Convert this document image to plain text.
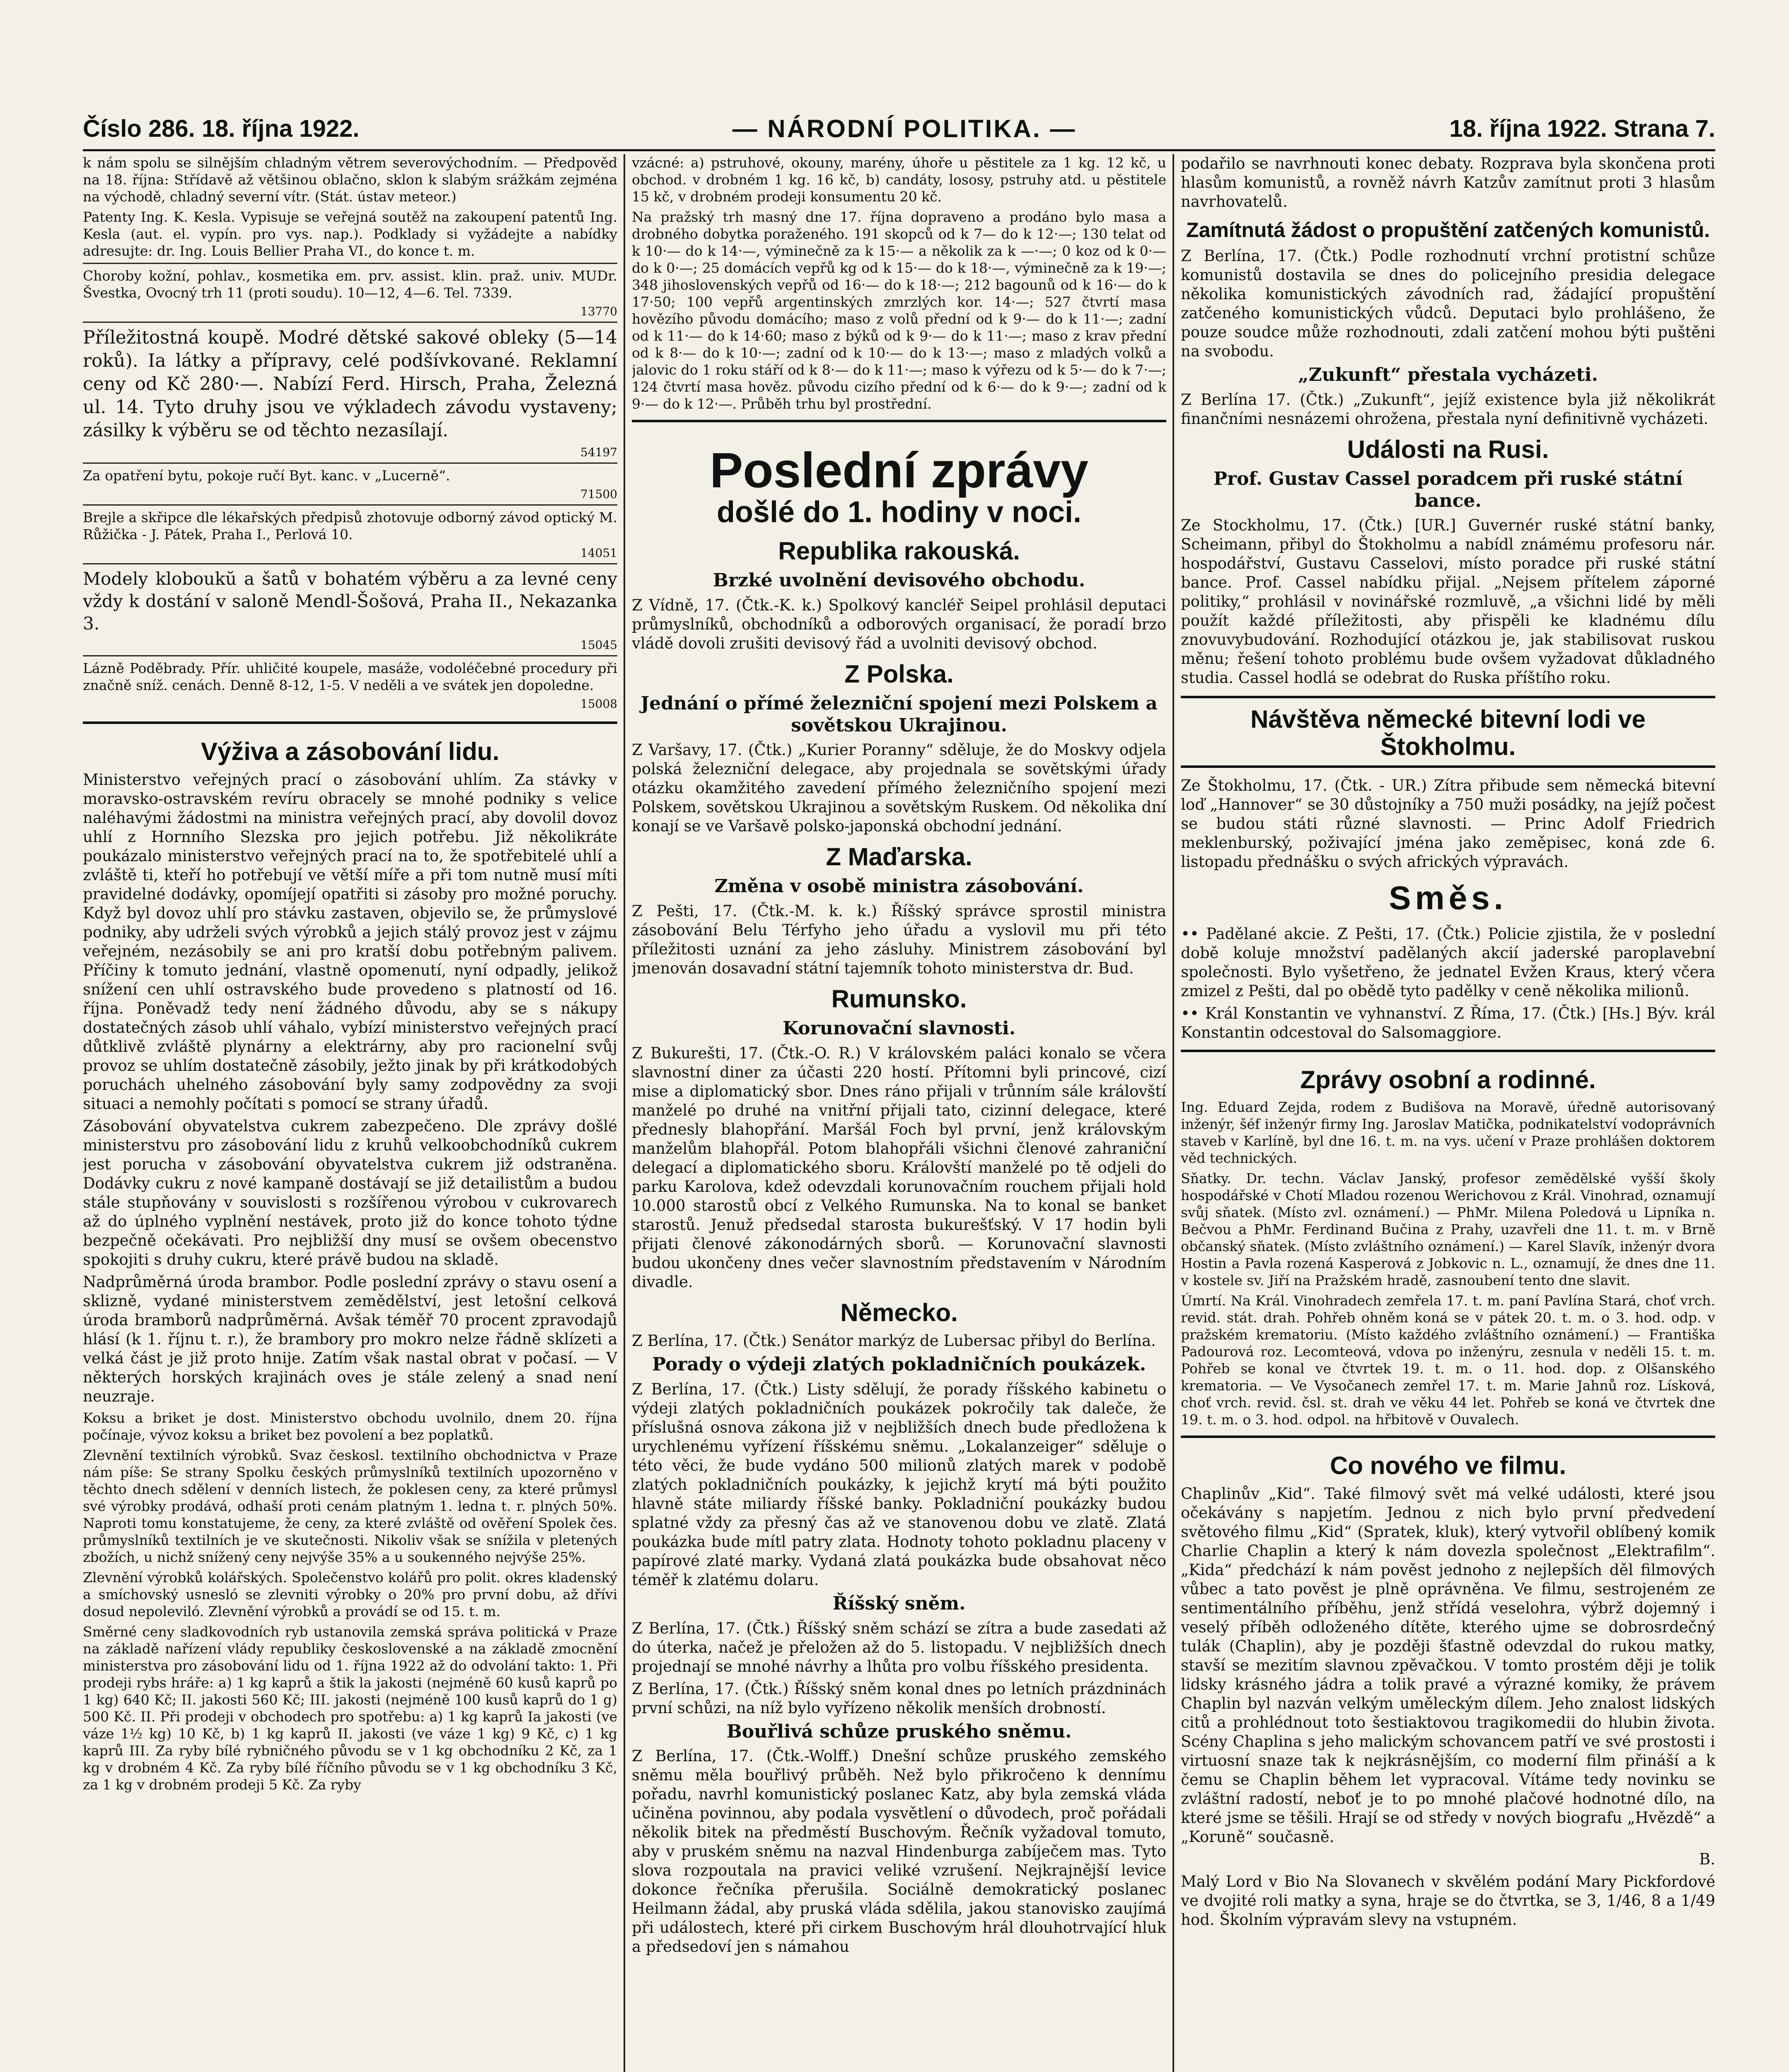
Číslo 286. 18. října 1922.	— NÁRODNÍ POLITIKA. —	18. října 1922. Strana 7.

k nám spolu se silnějším chladným větrem severovýchodním. — Předpověď na 18. října: Střídavě až většinou oblačno, sklon k slabým srážkám zejména na východě, chladný severní vítr. (Stát. ústav meteor.)

Patenty Ing. K. Kesla. Vypisuje se veřejná soutěž na zakoupení patentů Ing. Kesla (aut. el. vypín. pro vys. nap.). Podklady si vyžádejte a nabídky adresujte: dr. Ing. Louis Bellier Praha VI., do konce t. m.

Choroby kožní, pohlav., kosmetika em. prv. assist. klin. praž. univ. MUDr. Švestka, Ovocný trh 11 (proti soudu). 10—12, 4—6. Tel. 7339.

13770

Příležitostná koupě. Modré dětské sakové obleky (5—14 roků). Ia látky a přípravy, celé podšívkované. Reklamní ceny od Kč 280·—. Nabízí Ferd. Hirsch, Praha, Železná ul. 14. Tyto druhy jsou ve výkladech závodu vystaveny; zásilky k výběru se od těchto nezasílají.

54197

Za opatření bytu, pokoje ručí Byt. kanc. v „Lucerně“.

71500

Brejle a skřipce dle lékařských předpisů zhotovuje odborný závod optický M. Růžička - J. Pátek, Praha I., Perlová 10.

14051

Modely kloboukŭ a šatů v bohatém výběru a za levné ceny vždy k dostání v saloně Mendl-Šošová, Praha II., Nekazanka 3.

15045

Lázně Poděbrady. Přír. uhličité koupele, masáže, vodoléčebné procedury při značně sníž. cenách. Denně 8-12, 1-5. V neděli a ve svátek jen dopoledne.

15008
Výživa a zásobování lidu.

Ministerstvo veřejných prací o zásobování uhlím. Za stávky v moravsko-ostravském revíru obracely se mnohé podniky s velice naléhavými žádostmi na ministra veřejných prací, aby dovolil dovoz uhlí z Hornního Slezska pro jejich potřebu. Již několikráte poukázalo ministerstvo veřejných prací na to, že spotřebitelé uhlí a zvláště ti, kteří ho potřebují ve větší míře a při tom nutně musí míti pravidelné dodávky, opomíjejí opatřiti si zásoby pro možné poruchy. Když byl dovoz uhlí pro stávku zastaven, objevilo se, že průmyslové podniky, aby udrželi svých výrobků a jejich stálý provoz jest v zájmu veřejném, nezásobily se ani pro kratší dobu potřebným palivem. Příčiny k tomuto jednání, vlastně opomenutí, nyní odpadly, jelikož snížení cen uhlí ostravského bude provedeno s platností od 16. října. Poněvadž tedy není žádného důvodu, aby se s nákupy dostatečných zásob uhlí váhalo, vybízí ministerstvo veřejných prací důtklivě zvláště plynárny a elektrárny, aby pro racionelní svůj provoz se uhlím dostatečně zásobily, ježto jinak by při krátkodobých poruchách uhelného zásobování byly samy zodpovědny za svoji situaci a nemohly počítati s pomocí se strany úřadů.

Zásobování obyvatelstva cukrem zabezpečeno. Dle zprávy došlé ministerstvu pro zásobování lidu z kruhů velkoobchodníků cukrem jest porucha v zásobování obyvatelstva cukrem již odstraněna. Dodávky cukru z nové kampaně dostávají se již detailistům a budou stále stupňovány v souvislosti s rozšířenou výrobou v cukrovarech až do úplného vyplnění nestávek, proto již do konce tohoto týdne bezpečně očekávati. Pro nejbližší dny musí se ovšem obecenstvo spokojiti s druhy cukru, které právě budou na skladě.

Nadprůměrná úroda brambor. Podle poslední zprávy o stavu osení a sklizně, vydané ministerstvem zemědělství, jest letošní celková úroda bramborů nadprůměrná. Avšak téměř 70 procent zpravodajů hlásí (k 1. říjnu t. r.), že brambory pro mokro nelze řádně sklízeti a velká část je již proto hnije. Zatím však nastal obrat v počasí. — V některých horských krajinách oves je stále zelený a snad není neuzraje.

Koksu a briket je dost. Ministerstvo obchodu uvolnilo, dnem 20. října počínaje, vývoz koksu a briket bez povolení a bez poplatků.

Zlevnění textilních výrobků. Svaz českosl. textilního obchodnictva v Praze nám píše: Se strany Spolku českých průmyslníků textilních upozorněno v těchto dnech sdělení v denních listech, že poklesen ceny, za které průmysl své výrobky prodává, odhaší proti cenám platným 1. ledna t. r. plných 50%. Naproti tomu konstatujeme, že ceny, za které zvláště od ověření Spolek čes. průmyslníků textilních je ve skutečnosti. Nikoliv však se snížila v pletených zbožích, u nichž snížený ceny nejvýše 35% a u soukenného nejvýše 25%.

Zlevnění výrobků kolářských. Společenstvo kolářů pro polit. okres kladenský a smíchovský usnesló se zlevniti výrobky o 20% pro první dobu, až dřívi dosud nepoleviló. Zlevnění výrobků a provádí se od 15. t. m.

Směrné ceny sladkovodních ryb ustanovila zemská správa politická v Praze na základě nařízení vlády republiky československé a na základě zmocnění ministerstva pro zásobování lidu od 1. října 1922 až do odvolání takto: 1. Při prodeji rybs hráře: a) 1 kg kaprů a štik la jakosti (nejméně 60 kusů kaprů po 1 kg) 640 Kč; II. jakosti 560 Kč; III. jakosti (nejméně 100 kusů kaprů do 1 g) 500 Kč. II. Při prodeji v obchodech pro spotřebu: a) 1 kg kaprů Ia jakosti (ve váze 1½ kg) 10 Kč, b) 1 kg kaprů II. jakosti (ve váze 1 kg) 9 Kč, c) 1 kg kaprů III. Za ryby bílé rybničného původu se v 1 kg obchodníku 2 Kč, za 1 kg v drobném 4 Kč. Za ryby bílé říčního původu se v 1 kg obchodníku 3 Kč, za 1 kg v drobném prodeji 5 Kč. Za ryby

vzácné: a) pstruhové, okouny, marény, úhoře u pěstitele za 1 kg. 12 kč, u obchod. v drobném 1 kg. 16 kč, b) candáty, lososy, pstruhy atd. u pěstitele 15 kč, v drobném prodeji konsumentu 20 kč.

Na pražský trh masný dne 17. října dopraveno a prodáno bylo masa a drobného dobytka poraženého. 191 skopců od k 7— do k 12·—; 130 telat od k 10·— do k 14·—, výminečně za k 15·— a několik za k —·—; 0 koz od k 0·— do k 0·—; 25 domácích vepřů kg od k 15·— do k 18·—, výminečně za k 19·—; 348 jihoslovenských vepřů od 16·— do k 18·—; 212 bagounů od k 16·— do k 17·50; 100 vepřů argentinských zmrzlých kor. 14·—; 527 čtvrtí masa hovězího původu domácího; maso z volů přední od k 9·— do k 11·—; zadní od k 11·— do k 14·60; maso z býků od k 9·— do k 11·—; maso z krav přední od k 8·— do k 10·—; zadní od k 10·— do k 13·—; maso z mladých volků a jalovic do 1 roku stáří od k 8·— do k 11·—; maso k výřezu od k 5·— do k 7·—; 124 čtvrtí masa hověz. původu cizího přední od k 6·— do k 9·—; zadní od k 9·— do k 12·—. Průběh trhu byl prostřední.

Poslední zprávy
došlé do 1. hodiny v noci.
Republika rakouská.
Brzké uvolnění devisového obchodu.

Z Vídně, 17. (Čtk.-K. k.) Spolkový kancléř Seipel prohlásil deputaci průmyslníků, obchodníků a odborových organisací, že poradí brzo vládě dovoli zrušiti devisový řád a uvolniti devisový obchod.

Z Polska.
Jednání o přímé železniční spojení mezi Polskem a sovětskou Ukrajinou.

Z Varšavy, 17. (Čtk.) „Kurier Poranny“ sděluje, že do Moskvy odjela polská železniční delegace, aby projednala se sovětskými úřady otázku okamžitého zavedení přímého železničního spojení mezi Polskem, sovětskou Ukrajinou a sovětským Ruskem. Od několika dní konají se ve Varšavě polsko-japonská obchodní jednání.

Z Maďarska.
Změna v osobě ministra zásobování.

Z Pešti, 17. (Čtk.-M. k. k.) Říšský správce sprostil ministra zásobování Belu Térfyho jeho úřadu a vyslovil mu při této příležitosti uznání za jeho zásluhy. Ministrem zásobování byl jmenován dosavadní státní tajemník tohoto ministerstva dr. Bud.

Rumunsko.
Korunovační slavnosti.

Z Bukurešti, 17. (Čtk.-O. R.) V královském paláci konalo se včera slavnostní diner za účasti 220 hostí. Přítomni byli princové, cizí mise a diplomatický sbor. Dnes ráno přijali v trůnním sále královští manželé po druhé na vnitřní přijali tato, cizinní delegace, které přednesly blahopřání. Maršál Foch byl první, jenž královským manželům blahopřál. Potom blahopřáli všichni členové zahraniční delegací a diplomatického sboru. Královští manželé po tě odjeli do parku Karolova, kdež odevzdali korunovačním rouchem přijali hold 10.000 starostů obcí z Velkého Rumunska. Na to konal se banket starostů. Jenuž předsedal starosta bukurešťský. V 17 hodin byli přijati členové zákonodárných sborů. — Korunovační slavnosti budou ukončeny dnes večer slavnostním představením v Národním divadle.

Německo.

Z Berlína, 17. (Čtk.) Senátor markýz de Lubersac přibyl do Berlína.

Porady o výdeji zlatých pokladničních poukázek.

Z Berlína, 17. (Čtk.) Listy sdělují, že porady říšského kabinetu o výdeji zlatých pokladničních poukázek pokročily tak daleče, že příslušná osnova zákona již v nejbližších dnech bude předložena k urychlenému vyřízení říšskému sněmu. „Lokalanzeiger“ sděluje o této věci, že bude vydáno 500 milionů zlatých marek v podobě zlatých pokladničních poukázky, k jejichž krytí má býti použito hlavně státe miliardy říšské banky. Pokladniční poukázky budou splatné vždy za přesný čas až ve stanovenou dobu ve zlatě. Zlatá poukázka bude mítl patry zlata. Hodnoty tohoto pokladnu placeny v papírové zlaté marky. Vydaná zlatá poukázka bude obsahovat něco téměř k zlatému dolaru.

Říšský sněm.

Z Berlína, 17. (Čtk.) Říšský sněm schází se zítra a bude zasedati až do úterka, načež je přeložen až do 5. listopadu. V nejbližších dnech projednají se mnohé návrhy a lhůta pro volbu říšského presidenta.

Z Berlína, 17. (Čtk.) Říšský sněm konal dnes po letních prázdninách první schůzi, na níž bylo vyřízeno několik menších drobností.

Bouřlivá schůze pruského sněmu.

Z Berlína, 17. (Čtk.-Wolff.) Dnešní schůze pruského zemského sněmu měla bouřlivý průběh. Než bylo přikročeno k dennímu pořadu, navrhl komunistický poslanec Katz, aby byla zemská vláda učiněna povinnou, aby podala vysvětlení o důvodech, proč pořádali několik bitek na předměstí Buschovým. Řečník vyžadoval tomuto, aby v pruském sněmu na nazval Hindenburga zabíječem mas. Tyto slova rozpoutala na pravici veliké vzrušení. Nejkrajnější levice dokonce řečníka přerušila. Sociálně demokratický poslanec Heilmann žádal, aby pruská vláda sdělila, jakou stanovisko zaujímá při událostech, které při cirkem Buschovým hrál dlouhotrvající hluk a předsedoví jen s námahou

podařilo se navrhnouti konec debaty. Rozprava byla skončena proti hlasům komunistů, a rovněž návrh Katzův zamítnut proti 3 hlasům navrhovatelů.

Zamítnutá žádost o propuštění zatčených komunistů.

Z Berlína, 17. (Čtk.) Podle rozhodnutí vrchní protistní schůze komunistů dostavila se dnes do policejního presidia delegace několika komunistických závodních rad, žádající propuštění zatčeného komunistických vůdců. Deputaci bylo prohlášeno, že pouze soudce může rozhodnouti, zdali zatčení mohou býti puštěni na svobodu.

„Zukunft“ přestala vycházeti.

Z Berlína 17. (Čtk.) „Zukunft“, jejíž existence byla již několikrát finančními nesnázemi ohrožena, přestala nyní definitivně vycházeti.

Události na Rusi.
Prof. Gustav Cassel poradcem při ruské státní bance.

Ze Stockholmu, 17. (Čtk.) [UR.] Guvernér ruské státní banky, Scheimann, přibyl do Štokholmu a nabídl známému profesoru nár. hospodářství, Gustavu Casselovi, místo poradce při ruské státní bance. Prof. Cassel nabídku přijal. „Nejsem přítelem záporné politiky,“ prohlásil v novinářské rozmluvě, „a všichni lidé by měli použít každé příležitosti, aby přispěli ke kladnému dílu znovuvybudování. Rozhodující otázkou je, jak stabilisovat ruskou měnu; řešení tohoto problému bude ovšem vyžadovat důkladného studia. Cassel hodlá se odebrat do Ruska příštího roku.

Návštěva německé bitevní lodi ve Štokholmu.

Ze Štokholmu, 17. (Čtk. - UR.) Zítra přibude sem německá bitevní loď „Hannover“ se 30 důstojníky a 750 muži posádky, na jejíž počest se budou státi různé slavnosti. — Princ Adolf Friedrich meklenburský, poživající jména jako zeměpisec, koná zde 6. listopadu přednášku o svých afrických výpravách.

Směs.

•• Padělané akcie. Z Pešti, 17. (Čtk.) Policie zjistila, že v poslední době koluje množství padělaných akcií jaderské paroplavební společnosti. Bylo vyšetřeno, že jednatel Evžen Kraus, který včera zmizel z Pešti, dal po obědě tyto padělky v ceně několika milionů.

•• Král Konstantin ve vyhnanství. Z Říma, 17. (Čtk.) [Hs.] Býv. král Konstantin odcestoval do Salsomaggiore.

Zprávy osobní a rodinné.

Ing. Eduard Zejda, rodem z Budišova na Moravě, úředně autorisovaný inženýr, šéf inženýr firmy Ing. Jaroslav Matička, podnikatelství vodoprávních staveb v Karlíně, byl dne 16. t. m. na vys. učení v Praze prohlášen doktorem věd technických.

Sňatky. Dr. techn. Václav Janský, profesor zemědělské vyšší školy hospodářské v Chotí Mladou rozenou Werichovou z Král. Vinohrad, oznamují svůj sňatek. (Místo zvl. oznámení.) — PhMr. Milena Poledová u Lipníka n. Bečvou a PhMr. Ferdinand Bučina z Prahy, uzavřeli dne 11. t. m. v Brně občanský sňatek. (Místo zvláštního oznámení.) — Karel Slavík, inženýr dvora Hostin a Pavla rozená Kasperová z Jobkovic n. L., oznamují, že dnes dne 11. v kostele sv. Jiří na Pražském hradě, zasnoubení tento dne slavit.

Úmrtí. Na Král. Vinohradech zemřela 17. t. m. paní Pavlína Stará, choť vrch. revid. stát. drah. Pohřeb ohněm koná se v pátek 20. t. m. o 3. hod. odp. v pražském krematoriu. (Místo každého zvláštního oznámení.) — Františka Padourová roz. Lecomteová, vdova po inženýru, zesnula v neděli 15. t. m. Pohřeb se konal ve čtvrtek 19. t. m. o 11. hod. dop. z Olšanského krematoria. — Ve Vysočanech zemřel 17. t. m. Marie Jahnů roz. Lísková, choť vrch. revid. čsl. st. drah ve věku 44 let. Pohřeb se koná ve čtvrtek dne 19. t. m. o 3. hod. odpol. na hřbitově v Ouvalech.

Co nového ve filmu.

Chaplinův „Kid“. Také filmový svět má velké události, které jsou očekávány s napjetím. Jednou z nich bylo první předvedení světového filmu „Kid“ (Spratek, kluk), který vytvořil oblíbený komik Charlie Chaplin a který k nám dovezla společnost „Elektrafilm“. „Kida“ předchází k nám pověst jednoho z nejlepších děl filmových vůbec a tato pověst je plně oprávněna. Ve filmu, sestrojeném ze sentimentálního příběhu, jenž střídá veselohra, výbrž dojemný i veselý příběh odloženého dítěte, kterého ujme se dobrosrdečný tulák (Chaplin), aby je později šťastně odevzdal do rukou matky, stavší se mezitím slavnou zpěvačkou. V tomto prostém ději je tolik lidsky krásného jádra a tolik pravé a výrazné komiky, že právem Chaplin byl nazván velkým uměleckým dílem. Jeho znalost lidských citů a prohlédnout toto šestiaktovou tragikomedii do hlubin života. Scény Chaplina s jeho malickým schovancem patří ve své prostosti i virtuosní snaze tak k nejkrásnějším, co moderní film přináší a k čemu se Chaplin během let vypracoval. Vítáme tedy novinku se zvláštní radostí, neboť je to po mnohé plačové hodnotné dílo, na které jsme se těšili. Hrají se od středy v nových biografu „Hvězdě“ a „Koruně“ současně.

B.

Malý Lord v Bio Na Slovanech v skvělém podání Mary Pickfordové ve dvojité roli matky a syna, hraje se do čtvrtka, se 3, 1/46, 8 a 1/49 hod. Školním výpravám slevy na vstupném.
